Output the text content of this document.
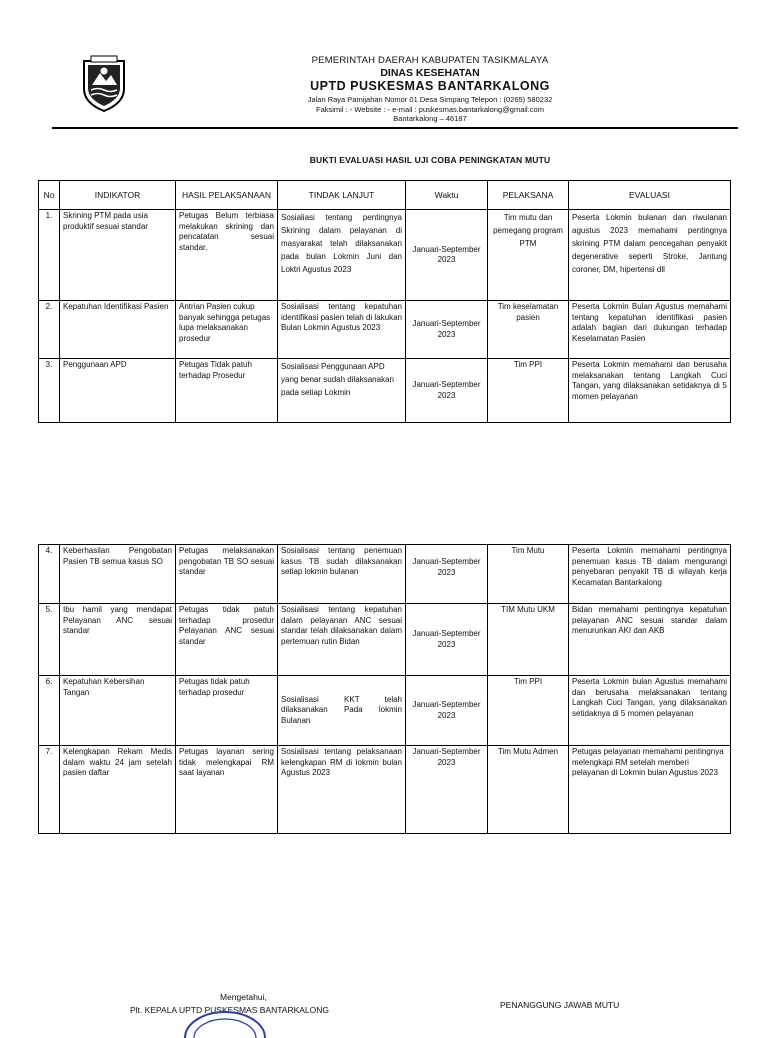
PEMERINTAH DAERAH KABUPATEN TASIKMALAYA
DINAS KESEHATAN
UPTD PUSKESMAS BANTARKALONG
Jalan Raya Pamijahan Nomor 01 Desa Simpang Telepon : (0265) 580232
Faksimil : - Website : - e-mail : puskesmas.bantarkalong@gmail.com
Bantarkalong – 46187
BUKTI EVALUASI HASIL UJI COBA PENINGKATAN MUTU
No	INDIKATOR	HASIL PELAKSANAAN	TINDAK LANJUT	Waktu	PELAKSANA	EVALUASI
1.	Skrining PTM pada usia produktif sesuai standar	Petugas Belum terbiasa melakukan skrining dan pencatatan sesuai standar.	Sosialiasi tentang pentingnya Skrining dalam pelayanan di masyarakat telah dilaksanakan pada bulan Lokmin Juni dan Loktri Agustus 2023	Januari-September 2023	Tim mutu dan pemegang program PTM	Peserta Lokmin bulanan dan riwulanan agustus 2023 memahami pentingnya skrining PTM dalam pencegahan penyakit degenerative seperti Stroke, Jantung coroner, DM, hipertensi dll
2.	Kepatuhan Identifikasi Pasien	Antrian Pasien cukup banyak sehingga petugas lupa melaksanakan prosedur	Sosialisasi tentang kepatuhan identifikasi pasien telah di lakukan Bulan Lokmin Agustus 2023	Januari-September 2023	Tim keselamatan pasien	Peserta Lokmin Bulan Agustus memahami tentang kepatuhan identifikasi pasien adalah bagian dari dukungan terhadap Keselamatan Pasien
3.	Penggunaan APD	Petugas Tidak patuh terhadap Prosedur	Sosialisasi Penggunaan APD yang benar sudah dilaksanakan pada setiap Lokmin	Januari-September 2023	Tim PPI	Peserta Lokmin memahami dan berusaha melaksanakan tentang Langkah Cuci Tangan, yang dilaksanakan setidaknya di 5 momen pelayanan
4.	Keberhasilan Pengobatan Pasien TB semua kasus SO	Petugas melaksanakan pengobatan TB SO sesuai standar	Sosialisasi tentang penemuan kasus TB sudah dilaksanakan setiap lokmin bulanan	Januari-September 2023	Tim Mutu	Peserta Lokmin memahami pentingnya penemuan kasus TB dalam mengurangi penyebaran penyakit TB di wilayah kerja Kecamatan Bantarkalong
5.	Ibu hamil yang mendapat Pelayanan ANC sesuai standar	Petugas tidak patuh terhadap prosedur Pelayanan ANC sesuai standar	Sosialisasi tentang kepatuhan dalam pelayanan ANC sesuai standar telah dilaksanakan dalam pertemuan rutin Bidan	Januari-September 2023	TIM Mutu UKM	Bidan memahami pentingnya kepatuhan pelayanan ANC sesuai standar dalam menurunkan AKI dan AKB
6.	Kepatuhan Kebersihan Tangan	Petugas tidak patuh terhadap prosedur	Sosialisasi KKT telah dilaksanakan Pada lokmin Bulanan	Januari-September 2023	Tim PPI	Peserta Lokmin bulan Agustus memahami dan berusaha melaksanakan tentang Langkah Cuci Tangan, yang dilaksanakan setidaknya di 5 momen pelayanan
7.	Kelengkapan Rekam Medis dalam waktu 24 jam setelah pasien daftar	Petugas layanan sering tidak melengkapai RM saat layanan	Sosialisasi tentang pelaksanaan kelengkapan RM di lokmin bulan Agustus 2023	Januari-September 2023	Tim Mutu Admen	Petugas pelayanan memahami pentingnya melengkapi RM setelah memberi pelayanan di Lokmin bulan Agustus 2023
Mengetahui,
Plt. KEPALA UPTD PUSKESMAS BANTARKALONG	PENANGGUNG JAWAB MUTU
